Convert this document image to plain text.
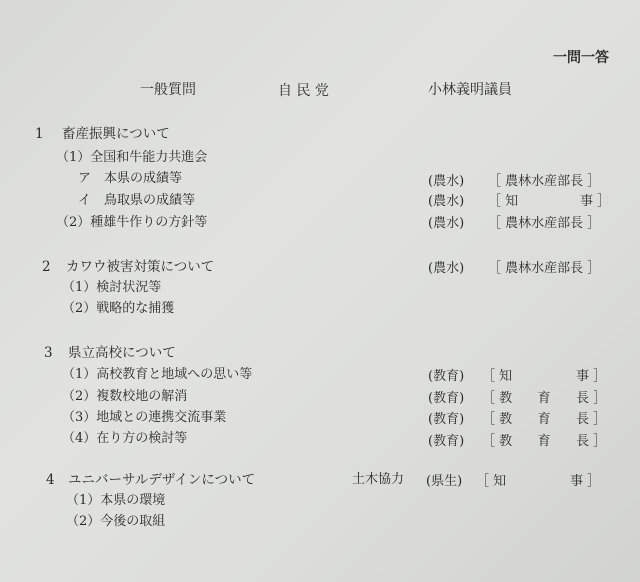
一問一答
一般質問	自 民 党	小林義明議員
1 畜産振興について
（1）全国和牛能力共進会
ア　本県の成績等	(農水) ［ 農林水産部長 ］
イ　鳥取県の成績等	(農水) ［ 知　事 ］
（2）種雄牛作りの方針等	(農水) ［ 農林水産部長 ］
2 カワウ被害対策について	(農水) ［ 農林水産部長 ］
（1）検討状況等
（2）戦略的な捕獲
3 県立高校について
（1）高校教育と地域への思い等	(教育) ［ 知　事 ］
（2）複数校地の解消	(教育) ［ 教　育　長 ］
（3）地域との連携交流事業	(教育) ［ 教　育　長 ］
（4）在り方の検討等	(教育) ［ 教　育　長 ］
4 ユニバーサルデザインについて	土木協力 (県生) ［ 知　事 ］
（1）本県の環境
（2）今後の取組
